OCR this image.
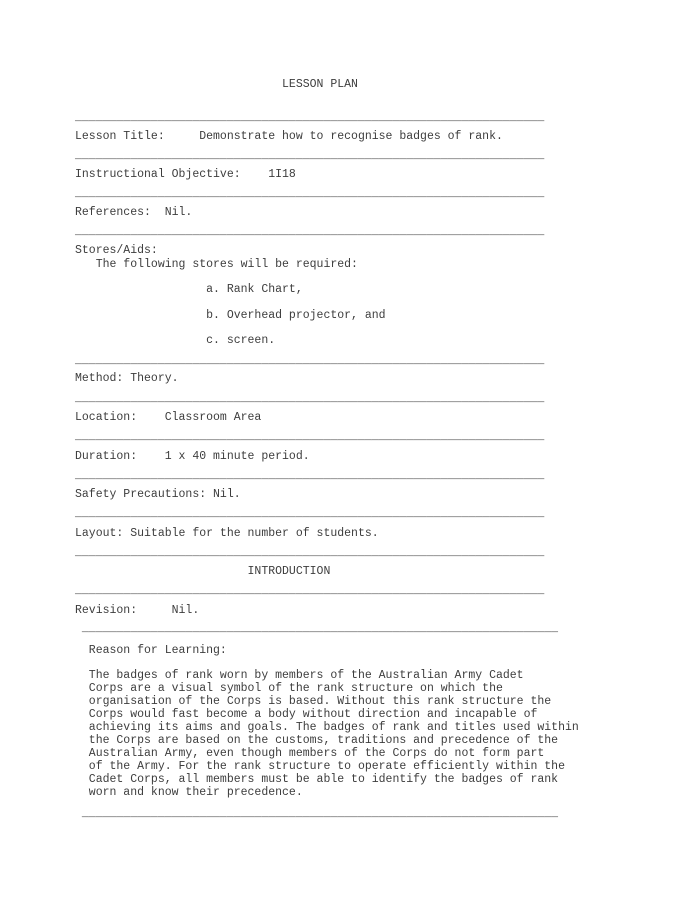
LESSON PLAN
____________________________________________________________________
Lesson Title:     Demonstrate how to recognise badges of rank.
____________________________________________________________________
Instructional Objective:    1I18
____________________________________________________________________
References:  Nil.
____________________________________________________________________
Stores/Aids:
The following stores will be required:
a. Rank Chart,
b. Overhead projector, and
c. screen.
____________________________________________________________________
Method: Theory.
____________________________________________________________________
Location:    Classroom Area
____________________________________________________________________
Duration:    1 x 40 minute period.
____________________________________________________________________
Safety Precautions: Nil.
____________________________________________________________________
Layout: Suitable for the number of students.
____________________________________________________________________
INTRODUCTION
____________________________________________________________________
Revision:     Nil.
_____________________________________________________________________
Reason for Learning:
The badges of rank worn by members of the Australian Army Cadet
Corps are a visual symbol of the rank structure on which the
organisation of the Corps is based. Without this rank structure the
Corps would fast become a body without direction and incapable of
achieving its aims and goals. The badges of rank and titles used within
the Corps are based on the customs, traditions and precedence of the
Australian Army, even though members of the Corps do not form part
of the Army. For the rank structure to operate efficiently within the
Cadet Corps, all members must be able to identify the badges of rank
worn and know their precedence.
_____________________________________________________________________
